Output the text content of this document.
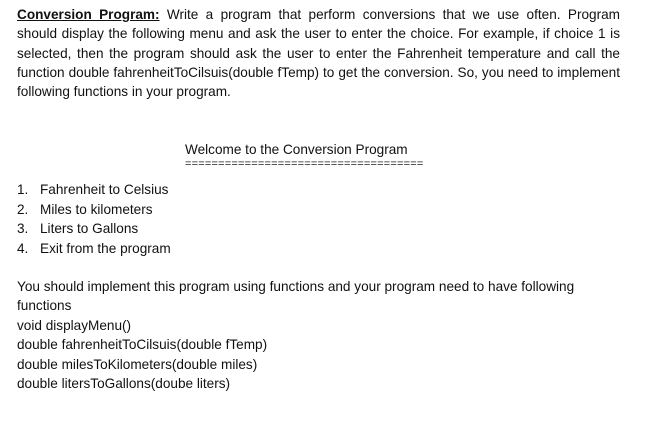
Conversion Program: Write a program that perform conversions that we use often. Program should display the following menu and ask the user to enter the choice. For example, if choice 1 is selected, then the program should ask the user to enter the Fahrenheit temperature and call the function double fahrenheitToCilsuis(double fTemp) to get the conversion. So, you need to implement following functions in your program.

Welcome to the Conversion Program
====================================
1. Fahrenheit to Celsius
2. Miles to kilometers
3. Liters to Gallons
4. Exit from the program
You should implement this program using functions and your program need to have following functions
void displayMenu()
double fahrenheitToCilsuis(double fTemp)
double milesToKilometers(double miles)
double litersToGallons(doube liters)
